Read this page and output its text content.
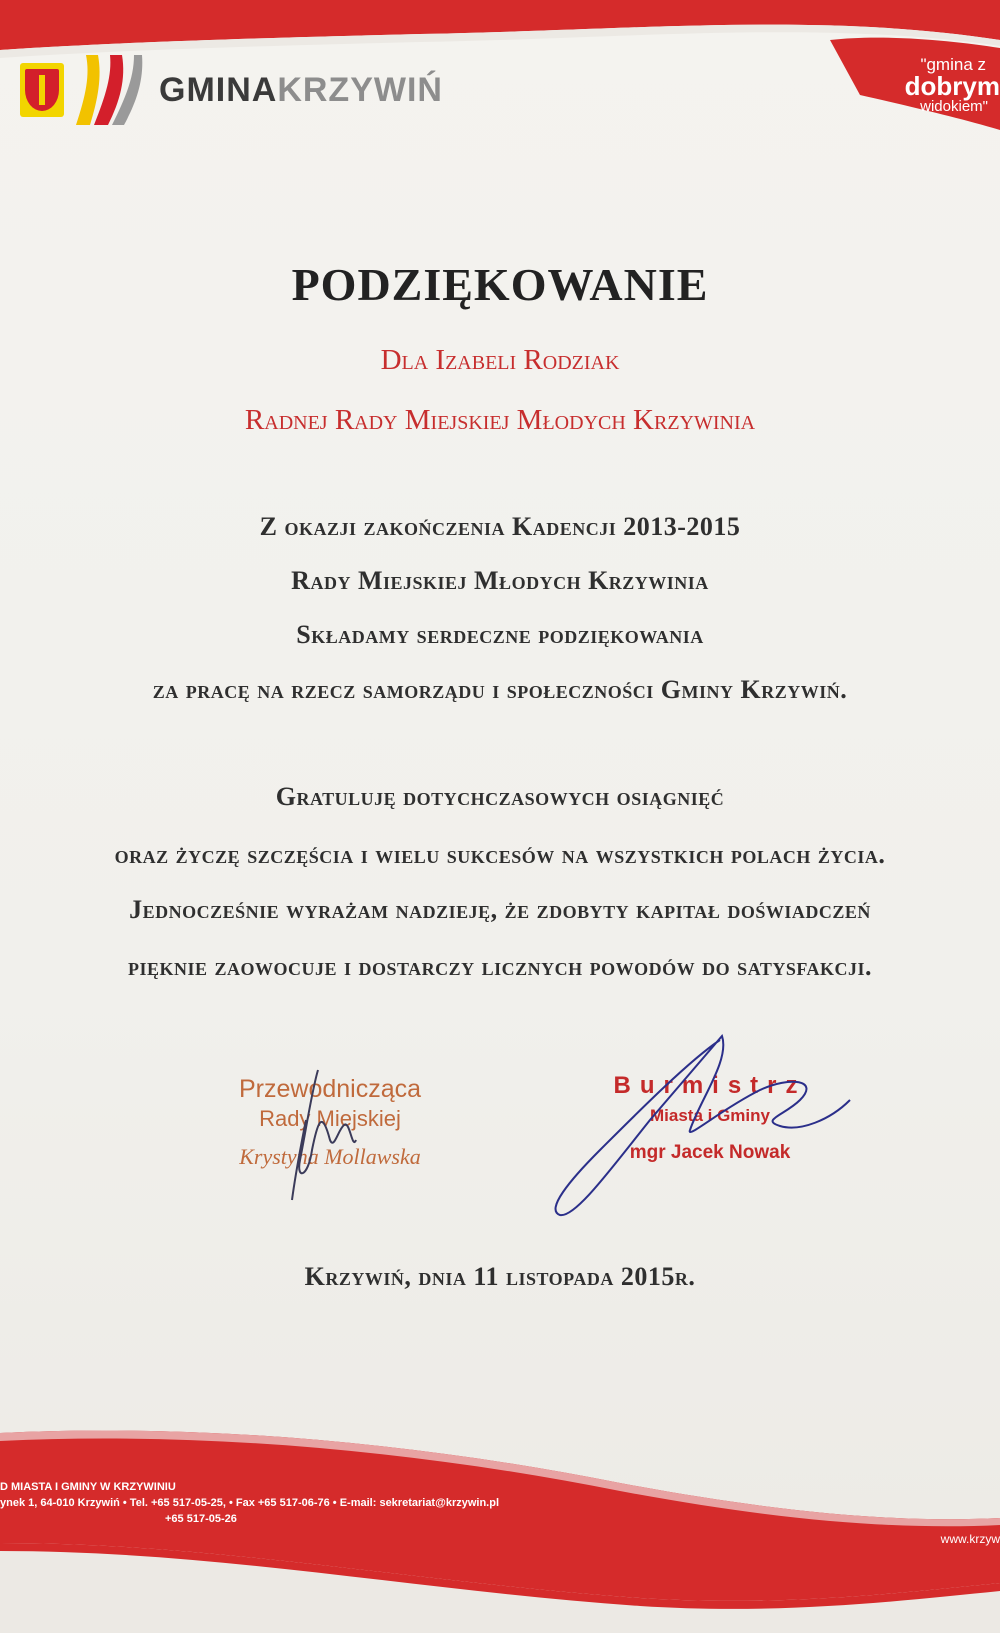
GMINAKRZYWIŃ
"gmina z
dobrym
widokiem"
PODZIĘKOWANIE
Dla Izabeli Rodziak
Radnej Rady Miejskiej Młodych Krzywinia
Z okazji zakończenia Kadencji 2013-2015
Rady Miejskiej Młodych Krzywinia
Składamy serdeczne podziękowania
za pracę na rzecz samorządu i społeczności Gminy Krzywiń.
Gratuluję dotychczasowych osiągnięć
oraz życzę szczęścia i wielu sukcesów na wszystkich polach życia.
Jednocześnie wyrażam nadzieję, że zdobyty kapitał doświadczeń
pięknie zaowocuje i dostarczy licznych powodów do satysfakcji.
Przewodnicząca
Rady Miejskiej
Krystyna Mollawska
Burmistrz
Miasta i Gminy
mgr Jacek Nowak
Krzywiń, dnia 11 listopada 2015r.
D MIASTA I GMINY W KRZYWINIU
ynek 1, 64-010 Krzywiń • Tel. +65 517-05-25, • Fax +65 517-06-76 • E-mail: sekretariat@krzywin.pl
+65 517-05-26
www.krzyw
